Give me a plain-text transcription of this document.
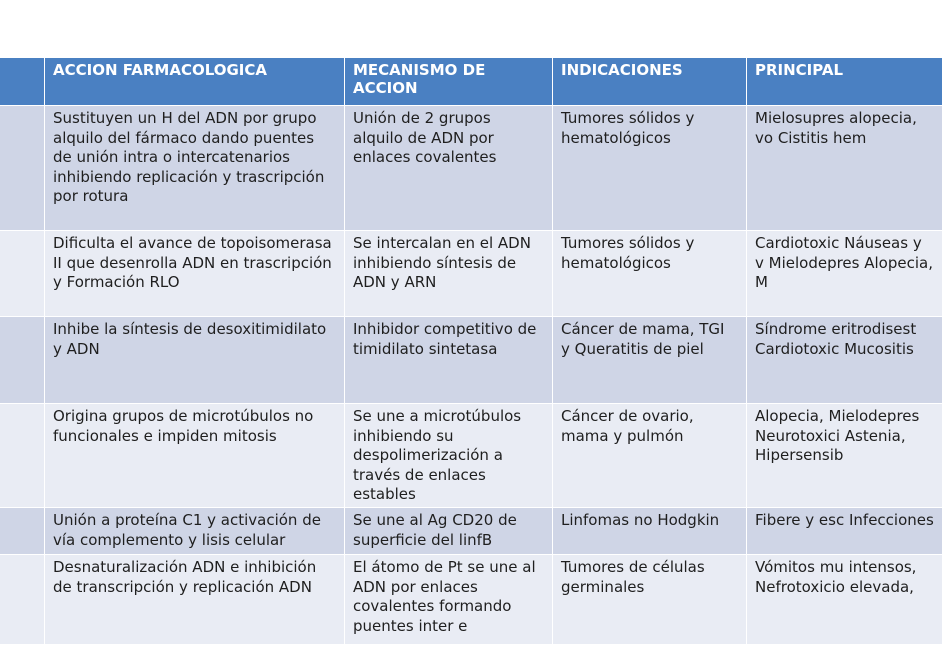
	ACCION FARMACOLOGICA	MECANISMO DE ACCION	INDICACIONES	PRINCIPAL
	Sustituyen un H del ADN por grupo alquilo del fármaco dando puentes de unión intra o intercatenarios inhibiendo replicación y trascripción por rotura	Unión de 2 grupos alquilo de ADN por enlaces covalentes	Tumores sólidos y hematológicos	Mielosupres alopecia, vo Cistitis hem
	Dificulta el avance de topoisomerasa II que desenrolla ADN en trascripción y Formación RLO	Se intercalan en el ADN inhibiendo síntesis de ADN y ARN	Tumores sólidos y hematológicos	Cardiotoxic Náuseas y v Mielodepres Alopecia, M
	Inhibe la síntesis de desoxitimidilato y ADN	Inhibidor competitivo de timidilato sintetasa	Cáncer de mama, TGI y Queratitis de piel	Síndrome eritrodisest Cardiotoxic Mucositis
	Origina grupos de microtúbulos no funcionales e impiden mitosis	Se une a microtúbulos inhibiendo su despolimerización a través de enlaces estables	Cáncer de ovario, mama y pulmón	Alopecia, Mielodepres Neurotoxici Astenia, Hipersensib
	Unión a proteína C1 y activación de vía complemento y lisis celular	Se une al Ag CD20 de superficie del linfB	Linfomas no Hodgkin	Fibere y esc Infecciones
	Desnaturalización ADN e inhibición de transcripción y replicación ADN	El átomo de Pt se une al ADN por enlaces covalentes formando puentes inter e	Tumores de células germinales	Vómitos mu intensos, Nefrotoxicio elevada,
